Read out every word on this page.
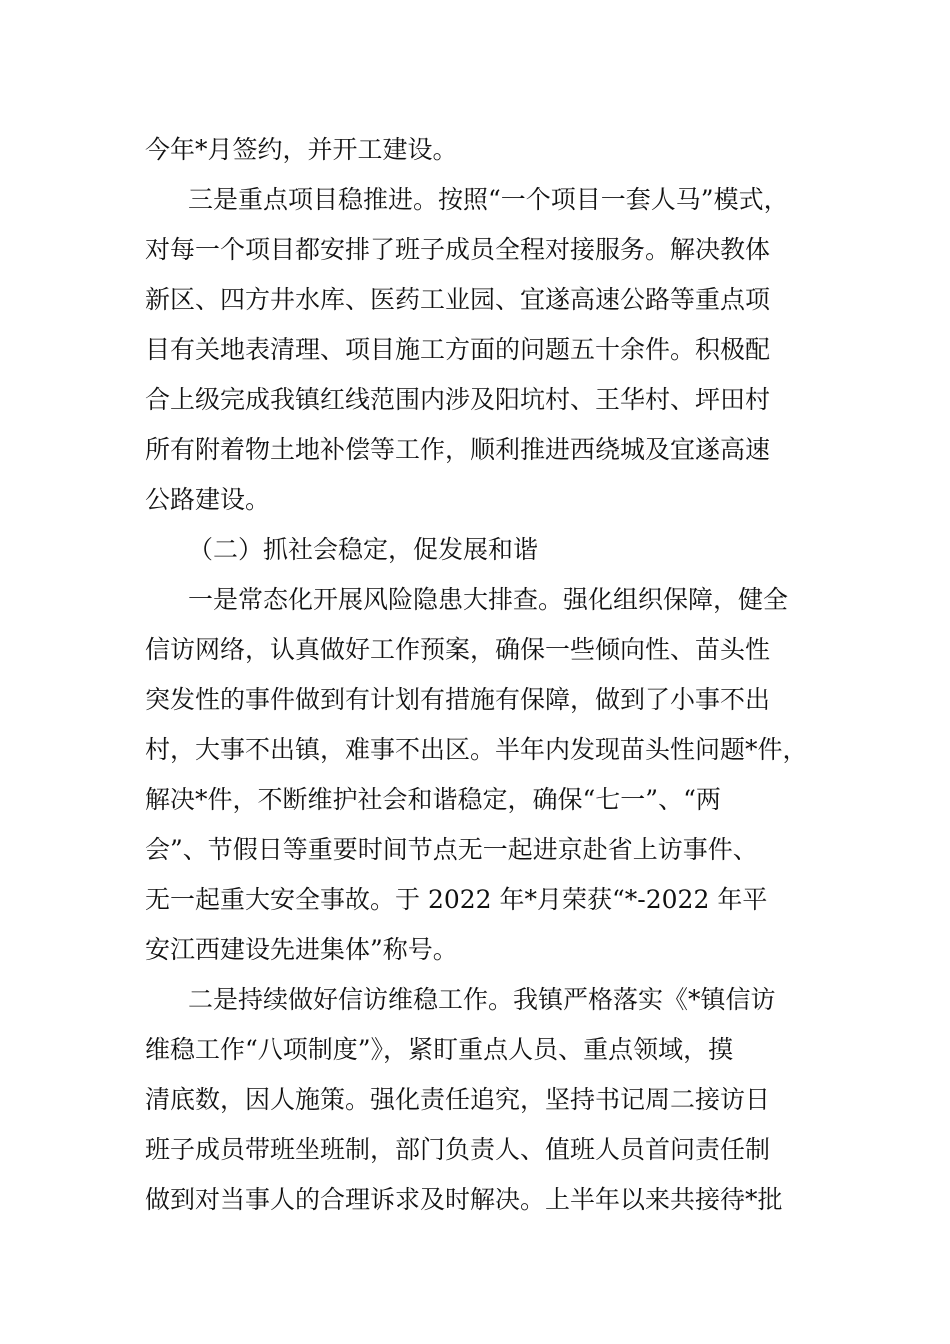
今年*月签约，并开工建设。
三是重点项目稳推进。按照“一个项目一套人马”模式，
对每一个项目都安排了班子成员全程对接服务。解决教体
新区、四方井水库、医药工业园、宜遂高速公路等重点项
目有关地表清理、项目施工方面的问题五十余件。积极配
合上级完成我镇红线范围内涉及阳坑村、王华村、坪田村
所有附着物土地补偿等工作，顺利推进西绕城及宜遂高速
公路建设。
（二）抓社会稳定，促发展和谐
一是常态化开展风险隐患大排查。强化组织保障，健全
信访网络，认真做好工作预案，确保一些倾向性、苗头性
突发性的事件做到有计划有措施有保障，做到了小事不出
村，大事不出镇，难事不出区。半年内发现苗头性问题*件，
解决*件，不断维护社会和谐稳定，确保“七一”、“两
会”、节假日等重要时间节点无一起进京赴省上访事件、
无一起重大安全事故。于 2022 年*月荣获“*-2022 年平
安江西建设先进集体”称号。
二是持续做好信访维稳工作。我镇严格落实《*镇信访
维稳工作“八项制度”》，紧盯重点人员、重点领域，摸
清底数，因人施策。强化责任追究，坚持书记周二接访日
班子成员带班坐班制，部门负责人、值班人员首问责任制
做到对当事人的合理诉求及时解决。上半年以来共接待*批
